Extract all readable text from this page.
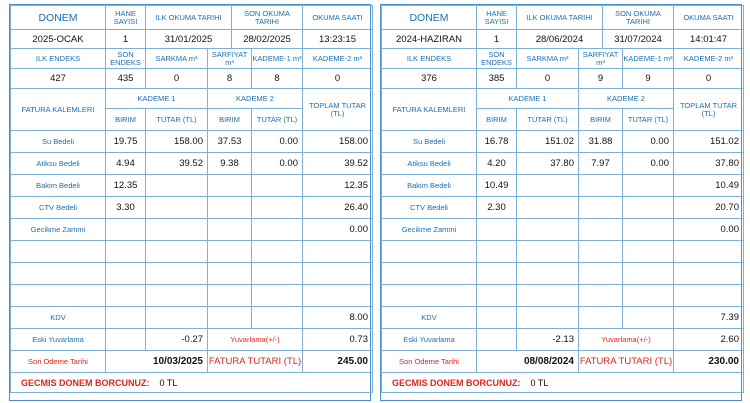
DONEM	HANE SAYISI	ILK OKUMA TARIHI		SON OKUMA TARIHI		OKUMA SAATI
2025-OCAK	1	31/01/2025		28/02/2025		13:23:15
ILK ENDEKS	SON ENDEKS	SARKMA m³	SARFIYAT m³		KADEME-1 m³	KADEME-2 m³
427	435	0	8		8	0
FATURA KALEMLERI	KADEME 1		KADEME 2			TOPLAM TUTAR (TL)
	BIRIM	TUTAR (TL)	BIRIM		TUTAR (TL)	
Su Bedeli	19.75	158.00	37.53		0.00	158.00
Atiksu Bedeli	4.94	39.52	9.38		0.00	39.52
Bakim Bedeli	12.35					12.35
CTV Bedeli	3.30					26.40
Gecikme Zammi						0.00

KDV						8.00
Eski Yuvarlama		-0.27	Yuvarlama(+/-)			0.73
Son Odeme Tarihi	10/03/2025		FATURA TUTARI (TL)			245.00
GECMIS DONEM BORCUNUZ: 0 TL						
DONEM	HANE SAYISI	ILK OKUMA TARIHI		SON OKUMA TARIHI		OKUMA SAATI
2024-HAZIRAN	1	28/06/2024		31/07/2024		14:01:47
ILK ENDEKS	SON ENDEKS	SARKMA m³	SARFIYAT m³		KADEME-1 m³	KADEME-2 m³
376	385	0	9		9	0
FATURA KALEMLERI	KADEME 1		KADEME 2			TOPLAM TUTAR (TL)
	BIRIM	TUTAR (TL)	BIRIM		TUTAR (TL)	
Su Bedeli	16.78	151.02	31.88		0.00	151.02
Atiksu Bedeli	4.20	37.80	7.97		0.00	37.80
Bakim Bedeli	10.49					10.49
CTV Bedeli	2.30					20.70
Gecikme Zammi						0.00

KDV						7.39
Eski Yuvarlama		-2.13	Yuvarlama(+/-)			2.60
Son Odeme Tarihi	08/08/2024		FATURA TUTARI (TL)			230.00
GECMIS DONEM BORCUNUZ: 0 TL						
